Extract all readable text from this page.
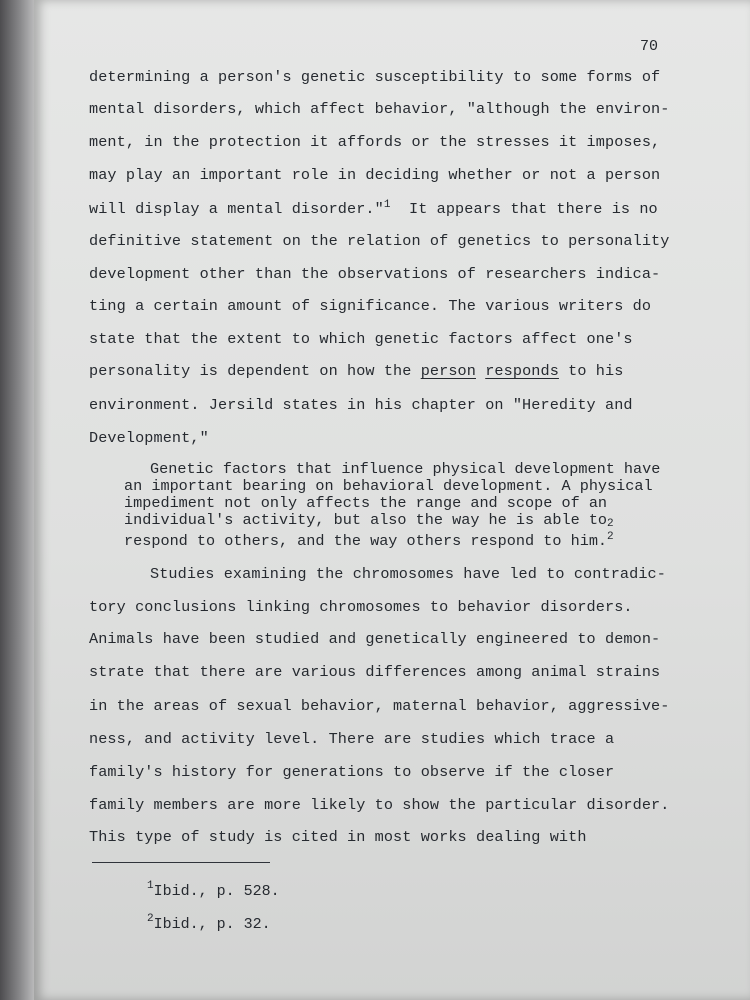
70
determining a person's genetic susceptibility to some forms of
mental disorders, which affect behavior, "although the environ-
ment, in the protection it affords or the stresses it imposes,
may play an important role in deciding whether or not a person
will display a mental disorder."$^1$  It appears that there is no
definitive statement on the relation of genetics to personality
development other than the observations of researchers indica-
ting a certain amount of significance. The various writers do
state that the extent to which genetic factors affect one's
personality is dependent on how the person responds to his
environment. Jersild states in his chapter on "Heredity and
Development,"
Genetic factors that influence physical development have
an important bearing on behavioral development. A physical
impediment not only affects the range and scope of an
individual's activity, but also the way he is able $to_2$
respond to others, and the way others respond to him.$^2$
Studies examining the chromosomes have led to contradic-
tory conclusions linking chromosomes to behavior disorders.
Animals have been studied and genetically engineered to demon-
strate that there are various differences among animal strains
in the areas of sexual behavior, maternal behavior, aggressive-
ness, and activity level. There are studies which trace a
family's history for generations to observe if the closer
family members are more likely to show the particular disorder.
This type of study is cited in most works dealing with
$^1$Ibid., p. 528.
$^2$Ibid., p. 32.
